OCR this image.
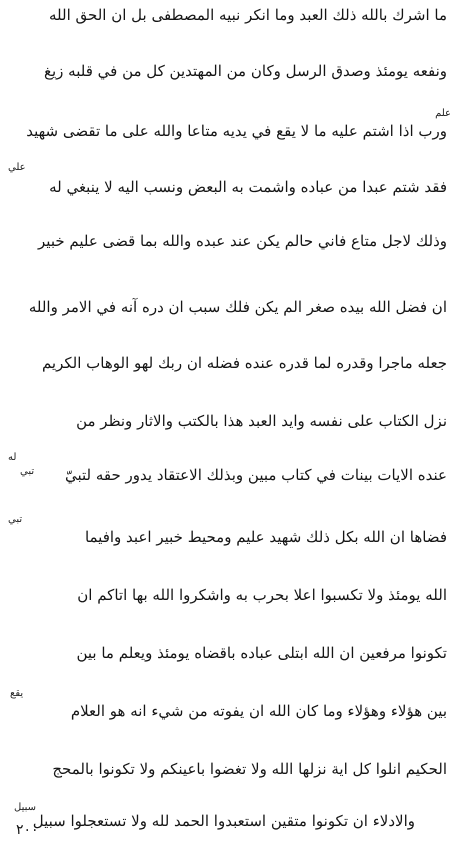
ما اشرك بالله ذلك العبد وما انكر نبيه المصطفى بل ان الحق الله
ونفعه يومئذ وصدق الرسل وكان من المهتدين كل من في قلبه زيغ
ورب اذا اشتم عليه ما لا يقع في يديه متاعا والله على ما تقضى شهيد
فقد شتم عبدا من عباده واشمت به البعض ونسب اليه لا ينبغي له
وذلك لاجل متاع فاني حالم يكن عند عبده والله بما قضى عليم خبير
ان فضل الله بيده صغر الم يكن فلك سبب ان دره آنه في الامر والله
جعله ماجرا وقدره لما قدره عنده فضله ان ربك لهو الوهاب الكريم
نزل الكتاب على نفسه وايد العبد هذا بالكتب والاثار ونظر من
عنده الايات بينات في كتاب مبين وبذلك الاعتقاد يدور حقه لتبيّ
فضاها ان الله بكل ذلك شهيد عليم ومحيط خبير اعبد وافيما
الله يومئذ ولا تكسبوا اعلا بحرب به واشكروا الله بها اتاكم ان
تكونوا مرفعين ان الله ابتلى عباده باقضاه يومئذ ويعلم ما بين
بين هؤلاء وهؤلاء وما كان الله ان يفوته من شيء انه هو العلام
الحكيم انلوا كل اية نزلها الله ولا تغضوا باعينكم ولا تكونوا بالمحج
والادلاء ان تكونوا متقين استعبدوا الحمد لله ولا تستعجلوا سبيل
علم
علي
له
تبي
تبي
يقع
سبيل
٢٠٠
